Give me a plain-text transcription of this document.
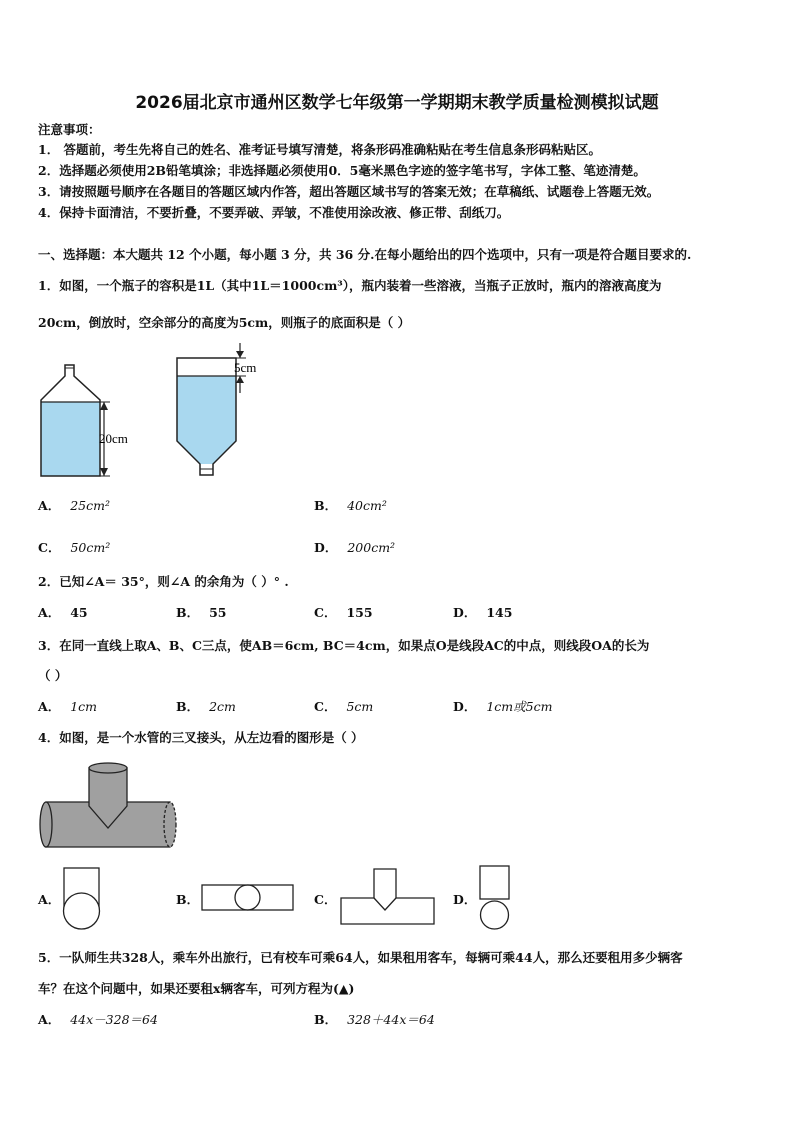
2026届北京市通州区数学七年级第一学期期末教学质量检测模拟试题
注意事项：
1． 答题前，考生先将自己的姓名、准考证号填写清楚，将条形码准确粘贴在考生信息条形码粘贴区。
2．选择题必须使用2B铅笔填涂；非选择题必须使用0．5毫米黑色字迹的签字笔书写，字体工整、笔迹清楚。
3．请按照题号顺序在各题目的答题区域内作答，超出答题区域书写的答案无效；在草稿纸、试题卷上答题无效。
4．保持卡面清洁，不要折叠，不要弄破、弄皱，不准使用涂改液、修正带、刮纸刀。
一、选择题：本大题共 12 个小题，每小题 3 分，共 36 分.在每小题给出的四个选项中，只有一项是符合题目要求的.
1．如图，一个瓶子的容积是1L（其中1L＝1000cm³），瓶内装着一些溶液，当瓶子正放时，瓶内的溶液高度为
20cm，倒放时，空余部分的高度为5cm，则瓶子的底面积是（ ）
20cm
5cm
A． 25cm²	B． 40cm²
C． 50cm²	D． 200cm²
2．已知∠A＝ 35°，则∠A 的余角为（ ）° .
A． 45	B． 55	C． 155	D． 145
3．在同一直线上取A、B、C三点，使AB＝6cm, BC＝4cm，如果点O是线段AC的中点，则线段OA的长为
（ ）
A． 1cm	B． 2cm	C． 5cm	D． 1cm或5cm
4．如图，是一个水管的三叉接头，从左边看的图形是（ ）
A．	B．	C．	D．
5．一队师生共328人，乘车外出旅行，已有校车可乘64人，如果租用客车，每辆可乘44人，那么还要租用多少辆客
车？在这个问题中，如果还要租x辆客车，可列方程为(▲)
A． 44x－328＝64	B． 328＋44x＝64
